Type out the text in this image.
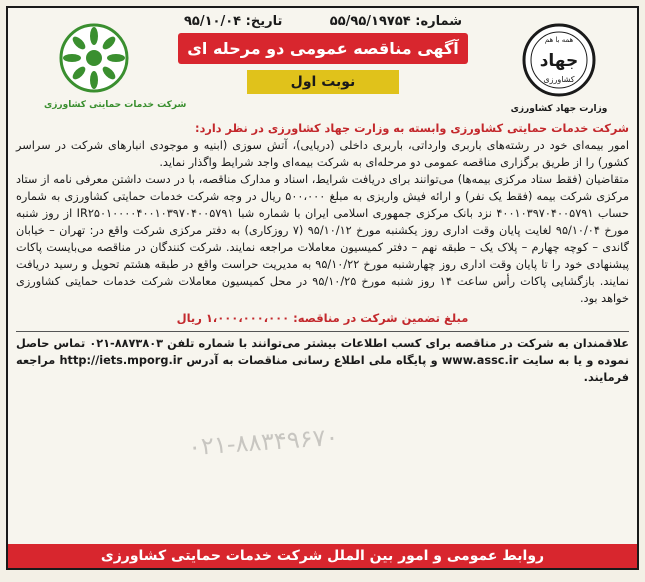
شرکت خدمات حمایتی کشاورزی
شماره: ۵۵/۹۵/۱۹۷۵۴
تاریخ: ۹۵/۱۰/۰۴
آگهی مناقصه عمومی دو مرحله ای
نوبت اول
همه با هم
جهاد
کشاورزی
وزارت جهاد کشاورزی

شرکت خدمات حمایتی کشاورزی وابسته به وزارت جهاد کشاورزی در نظر دارد:

امور بیمه‌ای خود در رشته‌های باربری وارداتی، باربری داخلی (دریایی)، آتش سوزی (ابنیه و موجودی انبارهای شرکت در سراسر کشور) را از طریق برگزاری مناقصه عمومی دو مرحله‌ای به شرکت بیمه‌ای واجد شرایط واگذار نماید.

متقاضیان (فقط ستاد مرکزی بیمه‌ها) می‌توانند برای دریافت شرایط، اسناد و مدارک مناقصه، با در دست داشتن معرفی نامه از ستاد مرکزی شرکت بیمه (فقط یک نفر) و ارائه فیش واریزی به مبلغ ۵۰۰،۰۰۰ ریال در وجه شرکت خدمات حمایتی کشاورزی به شماره حساب ۴۰۰۱۰۳۹۷۰۴۰۰۵۷۹۱ نزد بانک مرکزی جمهوری اسلامی ایران با شماره شبا IR۲۵۰۱۰۰۰۰۴۰۰۱۰۳۹۷۰۴۰۰۵۷۹۱ از روز شنبه مورخ ۹۵/۱۰/۰۴ لغایت پایان وقت اداری روز یکشنبه مورخ ۹۵/۱۰/۱۲ (۷ روزکاری) به دفتر مرکزی شرکت واقع در: تهران – خیابان گاندی – کوچه چهارم – پلاک یک – طبقه نهم – دفتر کمیسیون معاملات مراجعه نمایند. شرکت کنندگان در مناقصه می‌بایست پاکات پیشنهادی خود را تا پایان وقت اداری روز چهارشنبه مورخ ۹۵/۱۰/۲۲ به مدیریت حراست واقع در طبقه هشتم تحویل و رسید دریافت نمایند. بازگشایی پاکات رأس ساعت ۱۴ روز شنبه مورخ ۹۵/۱۰/۲۵ در محل کمیسیون معاملات شرکت خدمات حمایتی کشاورزی خواهد بود.

مبلغ تضمین شرکت در مناقصه: ۱،۰۰۰،۰۰۰،۰۰۰ ریال

علاقمندان به شرکت در مناقصه برای کسب اطلاعات بیشتر می‌توانند با شماره تلفن ۸۸۷۳۸۰۳-۰۲۱ تماس حاصل نموده و یا به سایت www.assc.ir و پایگاه ملی اطلاع رسانی مناقصات به آدرس http://iets.mporg.ir مراجعه فرمایند.

۰۲۱-۸۸۳۴۹۶۷۰
روابط عمومی و امور بین الملل شرکت خدمات حمایتی کشاورزی
